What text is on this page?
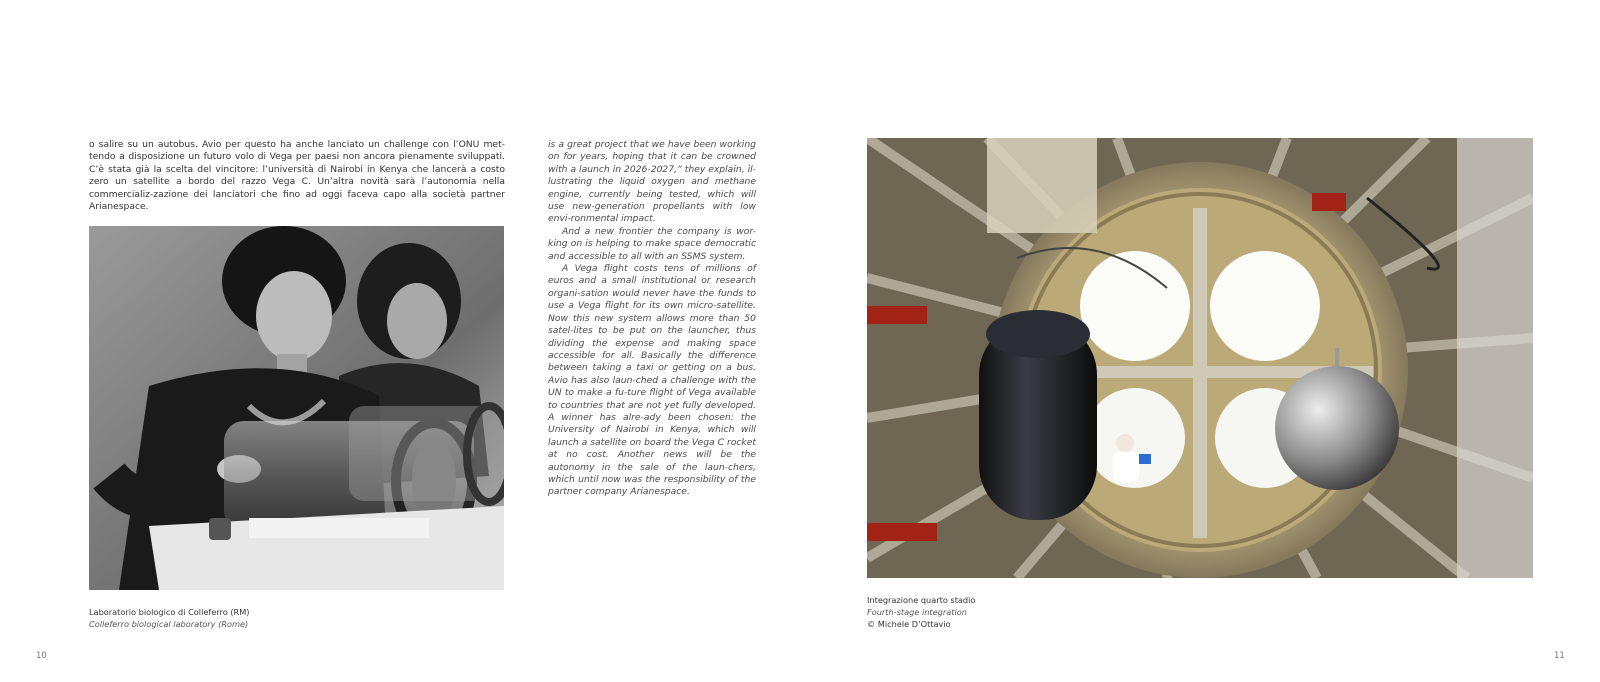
o salire su un autobus. Avio per questo ha anche lanciato un challenge con l’ONU met-tendo a disposizione un futuro volo di Vega per paesi non ancora pienamente sviluppati. C’è stata già la scelta del vincitore: l’università di Nairobi in Kenya che lancerà a costo zero un satellite a bordo del razzo Vega C. Un’altra novità sarà l’autonomia nella commercializ-zazione dei lanciatori che fino ad oggi faceva capo alla società partner Arianespace.

is a great project that we have been working on for years, hoping that it can be crowned with a launch in 2026-2027,” they explain, il-lustrating the liquid oxygen and methane engine, currently being tested, which will use new-generation propellants with low envi-ronmental impact.

And a new frontier the company is wor-king on is helping to make space democratic and accessible to all with an SSMS system.

A Vega flight costs tens of millions of euros and a small institutional or research organi-sation would never have the funds to use a Vega flight for its own micro-satellite. Now this new system allows more than 50 satel-lites to be put on the launcher, thus dividing the expense and making space accessible for all. Basically the difference between taking a taxi or getting on a bus. Avio has also laun-ched a challenge with the UN to make a fu-ture flight of Vega available to countries that are not yet fully developed. A winner has alre-ady been chosen: the University of Nairobi in Kenya, which will launch a satellite on board the Vega C rocket at no cost. Another news will be the autonomy in the sale of the laun-chers, which until now was the responsibility of the partner company Arianespace.

Laboratorio biologico di Colleferro (RM)
Colleferro biological laboratory (Rome)
10
Integrazione quarto stadio
Fourth-stage integration
© Michele D’Ottavio
11
